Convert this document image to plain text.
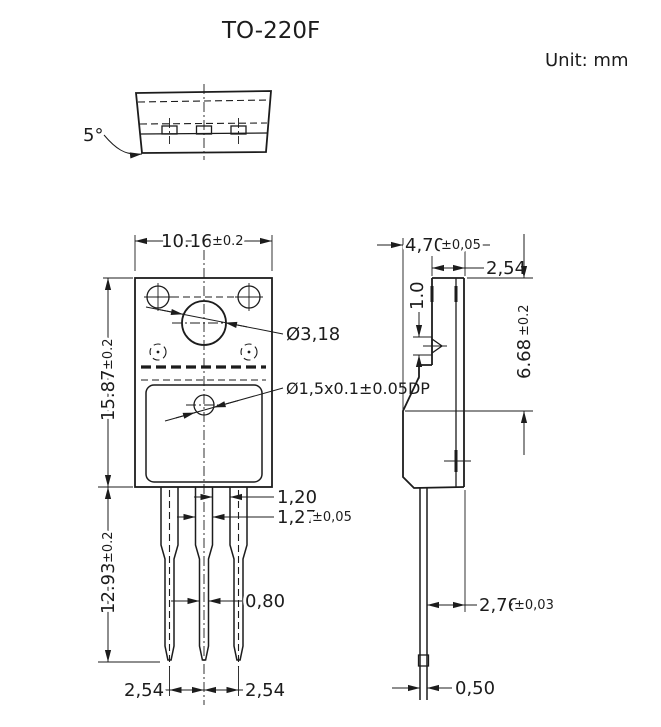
TO-220F
Unit: mm
5°
10.16 ±0.2
15.87
±0.2
12.93
±0.2
Ø3,18
Ø1,5x0.1±0.05DP
1,20
1,27
±0,05
0,80
2,54	2,54
4,70
±0,05
2,54
1.0
6.68
±0.2
2,76
±0,03
0,50
